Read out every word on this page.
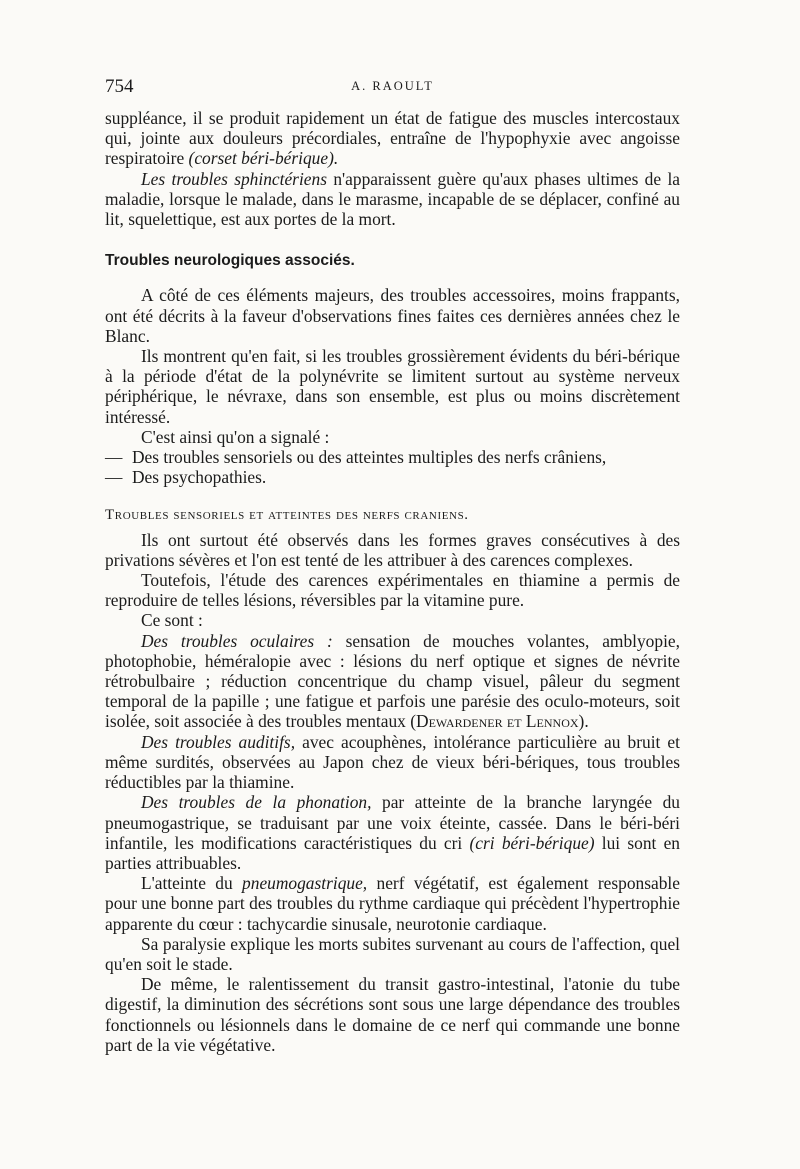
754	A. RAOULT

suppléance, il se produit rapidement un état de fatigue des muscles intercostaux qui, jointe aux douleurs précordiales, entraîne de l'hypophyxie avec angoisse respiratoire (corset béri-bérique).

Les troubles sphinctériens n'apparaissent guère qu'aux phases ultimes de la maladie, lorsque le malade, dans le marasme, incapable de se déplacer, confiné au lit, squelettique, est aux portes de la mort.

Troubles neurologiques associés.

A côté de ces éléments majeurs, des troubles accessoires, moins frappants, ont été décrits à la faveur d'observations fines faites ces dernières années chez le Blanc.

Ils montrent qu'en fait, si les troubles grossièrement évidents du béri-bérique à la période d'état de la polynévrite se limitent surtout au système nerveux périphérique, le névraxe, dans son ensemble, est plus ou moins discrètement intéressé.

C'est ainsi qu'on a signalé :

— Des troubles sensoriels ou des atteintes multiples des nerfs crâniens,

— Des psychopathies.

Troubles sensoriels et atteintes des nerfs craniens.

Ils ont surtout été observés dans les formes graves consécutives à des privations sévères et l'on est tenté de les attribuer à des carences complexes.

Toutefois, l'étude des carences expérimentales en thiamine a permis de reproduire de telles lésions, réversibles par la vitamine pure.

Ce sont :

Des troubles oculaires : sensation de mouches volantes, amblyopie, photophobie, héméralopie avec : lésions du nerf optique et signes de névrite rétrobulbaire ; réduction concentrique du champ visuel, pâleur du segment temporal de la papille ; une fatigue et parfois une parésie des oculo-moteurs, soit isolée, soit associée à des troubles mentaux (Dewardener et Lennox).

Des troubles auditifs, avec acouphènes, intolérance particulière au bruit et même surdités, observées au Japon chez de vieux béri-bériques, tous troubles réductibles par la thiamine.

Des troubles de la phonation, par atteinte de la branche laryngée du pneumogastrique, se traduisant par une voix éteinte, cassée. Dans le béri-béri infantile, les modifications caractéristiques du cri (cri béri-bérique) lui sont en parties attribuables.

L'atteinte du pneumogastrique, nerf végétatif, est également responsable pour une bonne part des troubles du rythme cardiaque qui précèdent l'hypertrophie apparente du cœur : tachycardie sinusale, neurotonie cardiaque.

Sa paralysie explique les morts subites survenant au cours de l'affection, quel qu'en soit le stade.

De même, le ralentissement du transit gastro-intestinal, l'atonie du tube digestif, la diminution des sécrétions sont sous une large dépendance des troubles fonctionnels ou lésionnels dans le domaine de ce nerf qui commande une bonne part de la vie végétative.
